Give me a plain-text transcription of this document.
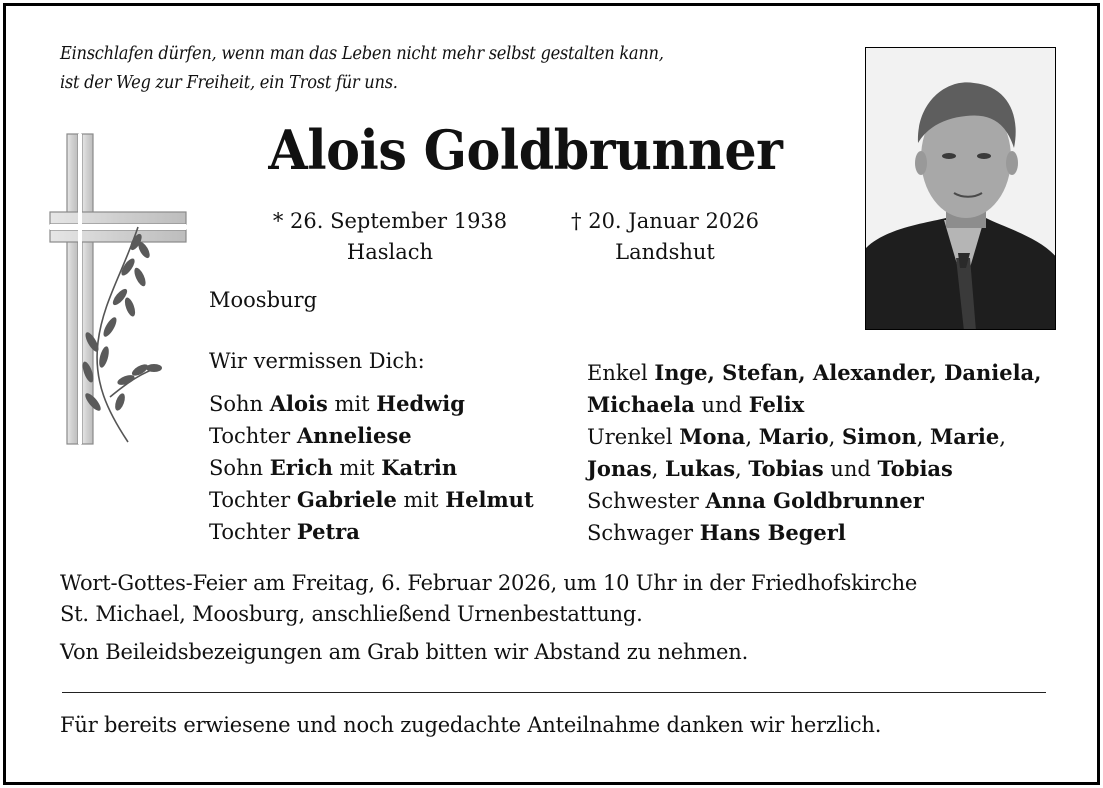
Einschlafen dürfen, wenn man das Leben nicht mehr selbst gestalten kann,
ist der Weg zur Freiheit, ein Trost für uns.
Alois Goldbrunner
* 26. September 1938
Haslach
† 20. Januar 2026
Landshut
Moosburg
Wir vermissen Dich:
Sohn Alois mit Hedwig
Tochter Anneliese
Sohn Erich mit Katrin
Tochter Gabriele mit Helmut
Tochter Petra
Enkel Inge, Stefan, Alexander, Daniela,
Michaela und Felix
Urenkel Mona, Mario, Simon, Marie,
Jonas, Lukas, Tobias und Tobias
Schwester Anna Goldbrunner
Schwager Hans Begerl
Wort-Gottes-Feier am Freitag, 6. Februar 2026, um 10 Uhr in der Friedhofskirche
St. Michael, Moosburg, anschließend Urnenbestattung.
Von Beileidsbezeigungen am Grab bitten wir Abstand zu nehmen.
Für bereits erwiesene und noch zugedachte Anteilnahme danken wir herzlich.
